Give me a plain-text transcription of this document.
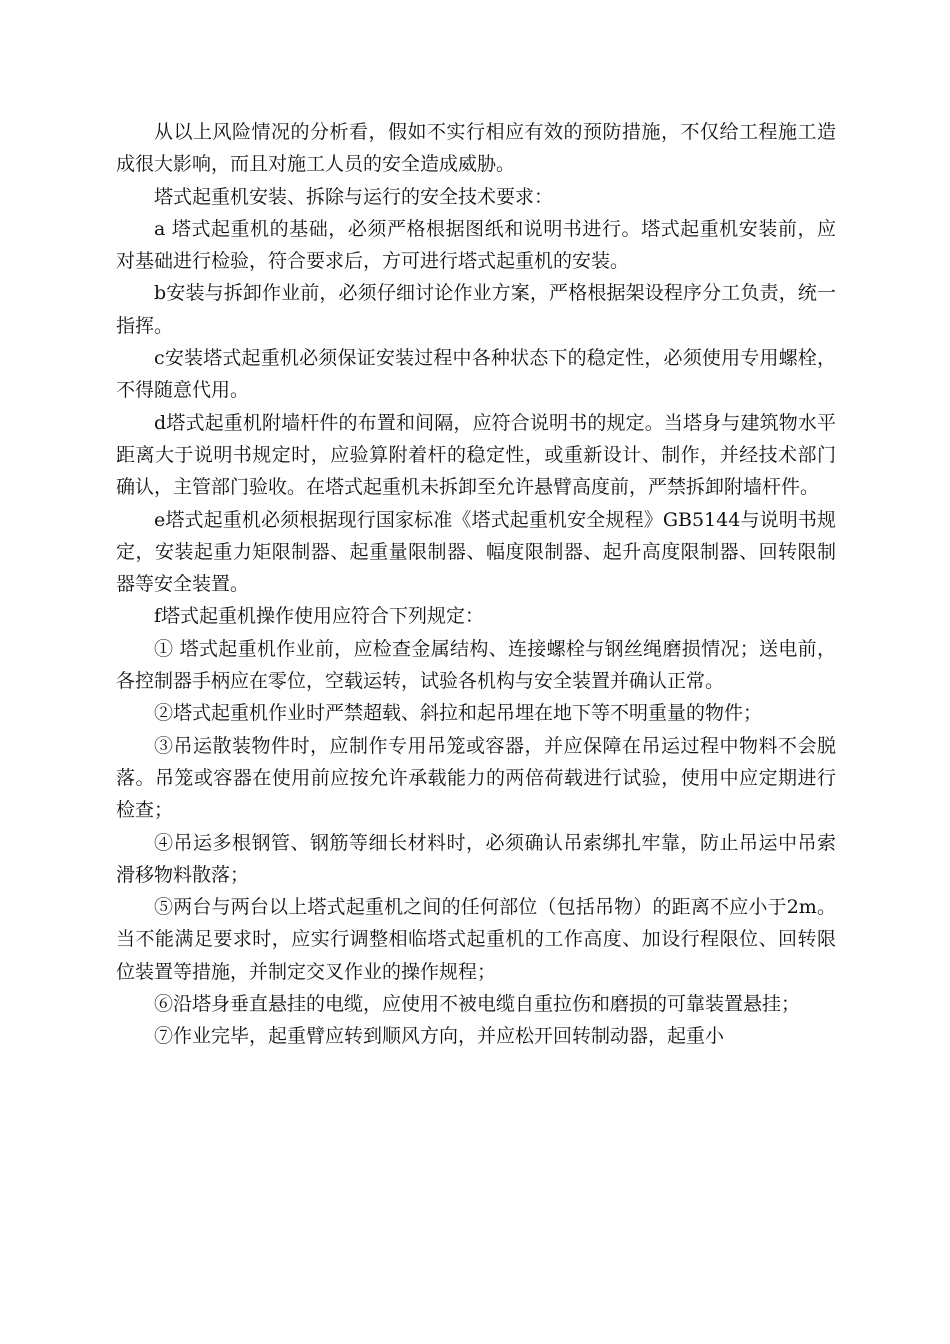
从以上风险情况的分析看，假如不实行相应有效的预防措施，不仅给工程施工造成很大影响，而且对施工人员的安全造成威胁。

塔式起重机安装、拆除与运行的安全技术要求：

a 塔式起重机的基础，必须严格根据图纸和说明书进行。塔式起重机安装前，应对基础进行检验，符合要求后，方可进行塔式起重机的安装。

b安装与拆卸作业前，必须仔细讨论作业方案，严格根据架设程序分工负责，统一指挥。

c安装塔式起重机必须保证安装过程中各种状态下的稳定性，必须使用专用螺栓，不得随意代用。

d塔式起重机附墙杆件的布置和间隔，应符合说明书的规定。当塔身与建筑物水平距离大于说明书规定时，应验算附着杆的稳定性，或重新设计、制作，并经技术部门确认，主管部门验收。在塔式起重机未拆卸至允许悬臂高度前，严禁拆卸附墙杆件。

e塔式起重机必须根据现行国家标准《塔式起重机安全规程》GB5144与说明书规定，安装起重力矩限制器、起重量限制器、幅度限制器、起升高度限制器、回转限制器等安全装置。

f塔式起重机操作使用应符合下列规定：

① 塔式起重机作业前，应检查金属结构、连接螺栓与钢丝绳磨损情况；送电前，各控制器手柄应在零位，空载运转，试验各机构与安全装置并确认正常。

②塔式起重机作业时严禁超载、斜拉和起吊埋在地下等不明重量的物件；

③吊运散装物件时，应制作专用吊笼或容器，并应保障在吊运过程中物料不会脱落。吊笼或容器在使用前应按允许承载能力的两倍荷载进行试验，使用中应定期进行检查；

④吊运多根钢管、钢筋等细长材料时，必须确认吊索绑扎牢靠，防止吊运中吊索滑移物料散落；

⑤两台与两台以上塔式起重机之间的任何部位（包括吊物）的距离不应小于2m。当不能满足要求时，应实行调整相临塔式起重机的工作高度、加设行程限位、回转限位装置等措施，并制定交叉作业的操作规程；

⑥沿塔身垂直悬挂的电缆，应使用不被电缆自重拉伤和磨损的可靠装置悬挂；

⑦作业完毕，起重臂应转到顺风方向，并应松开回转制动器，起重小
